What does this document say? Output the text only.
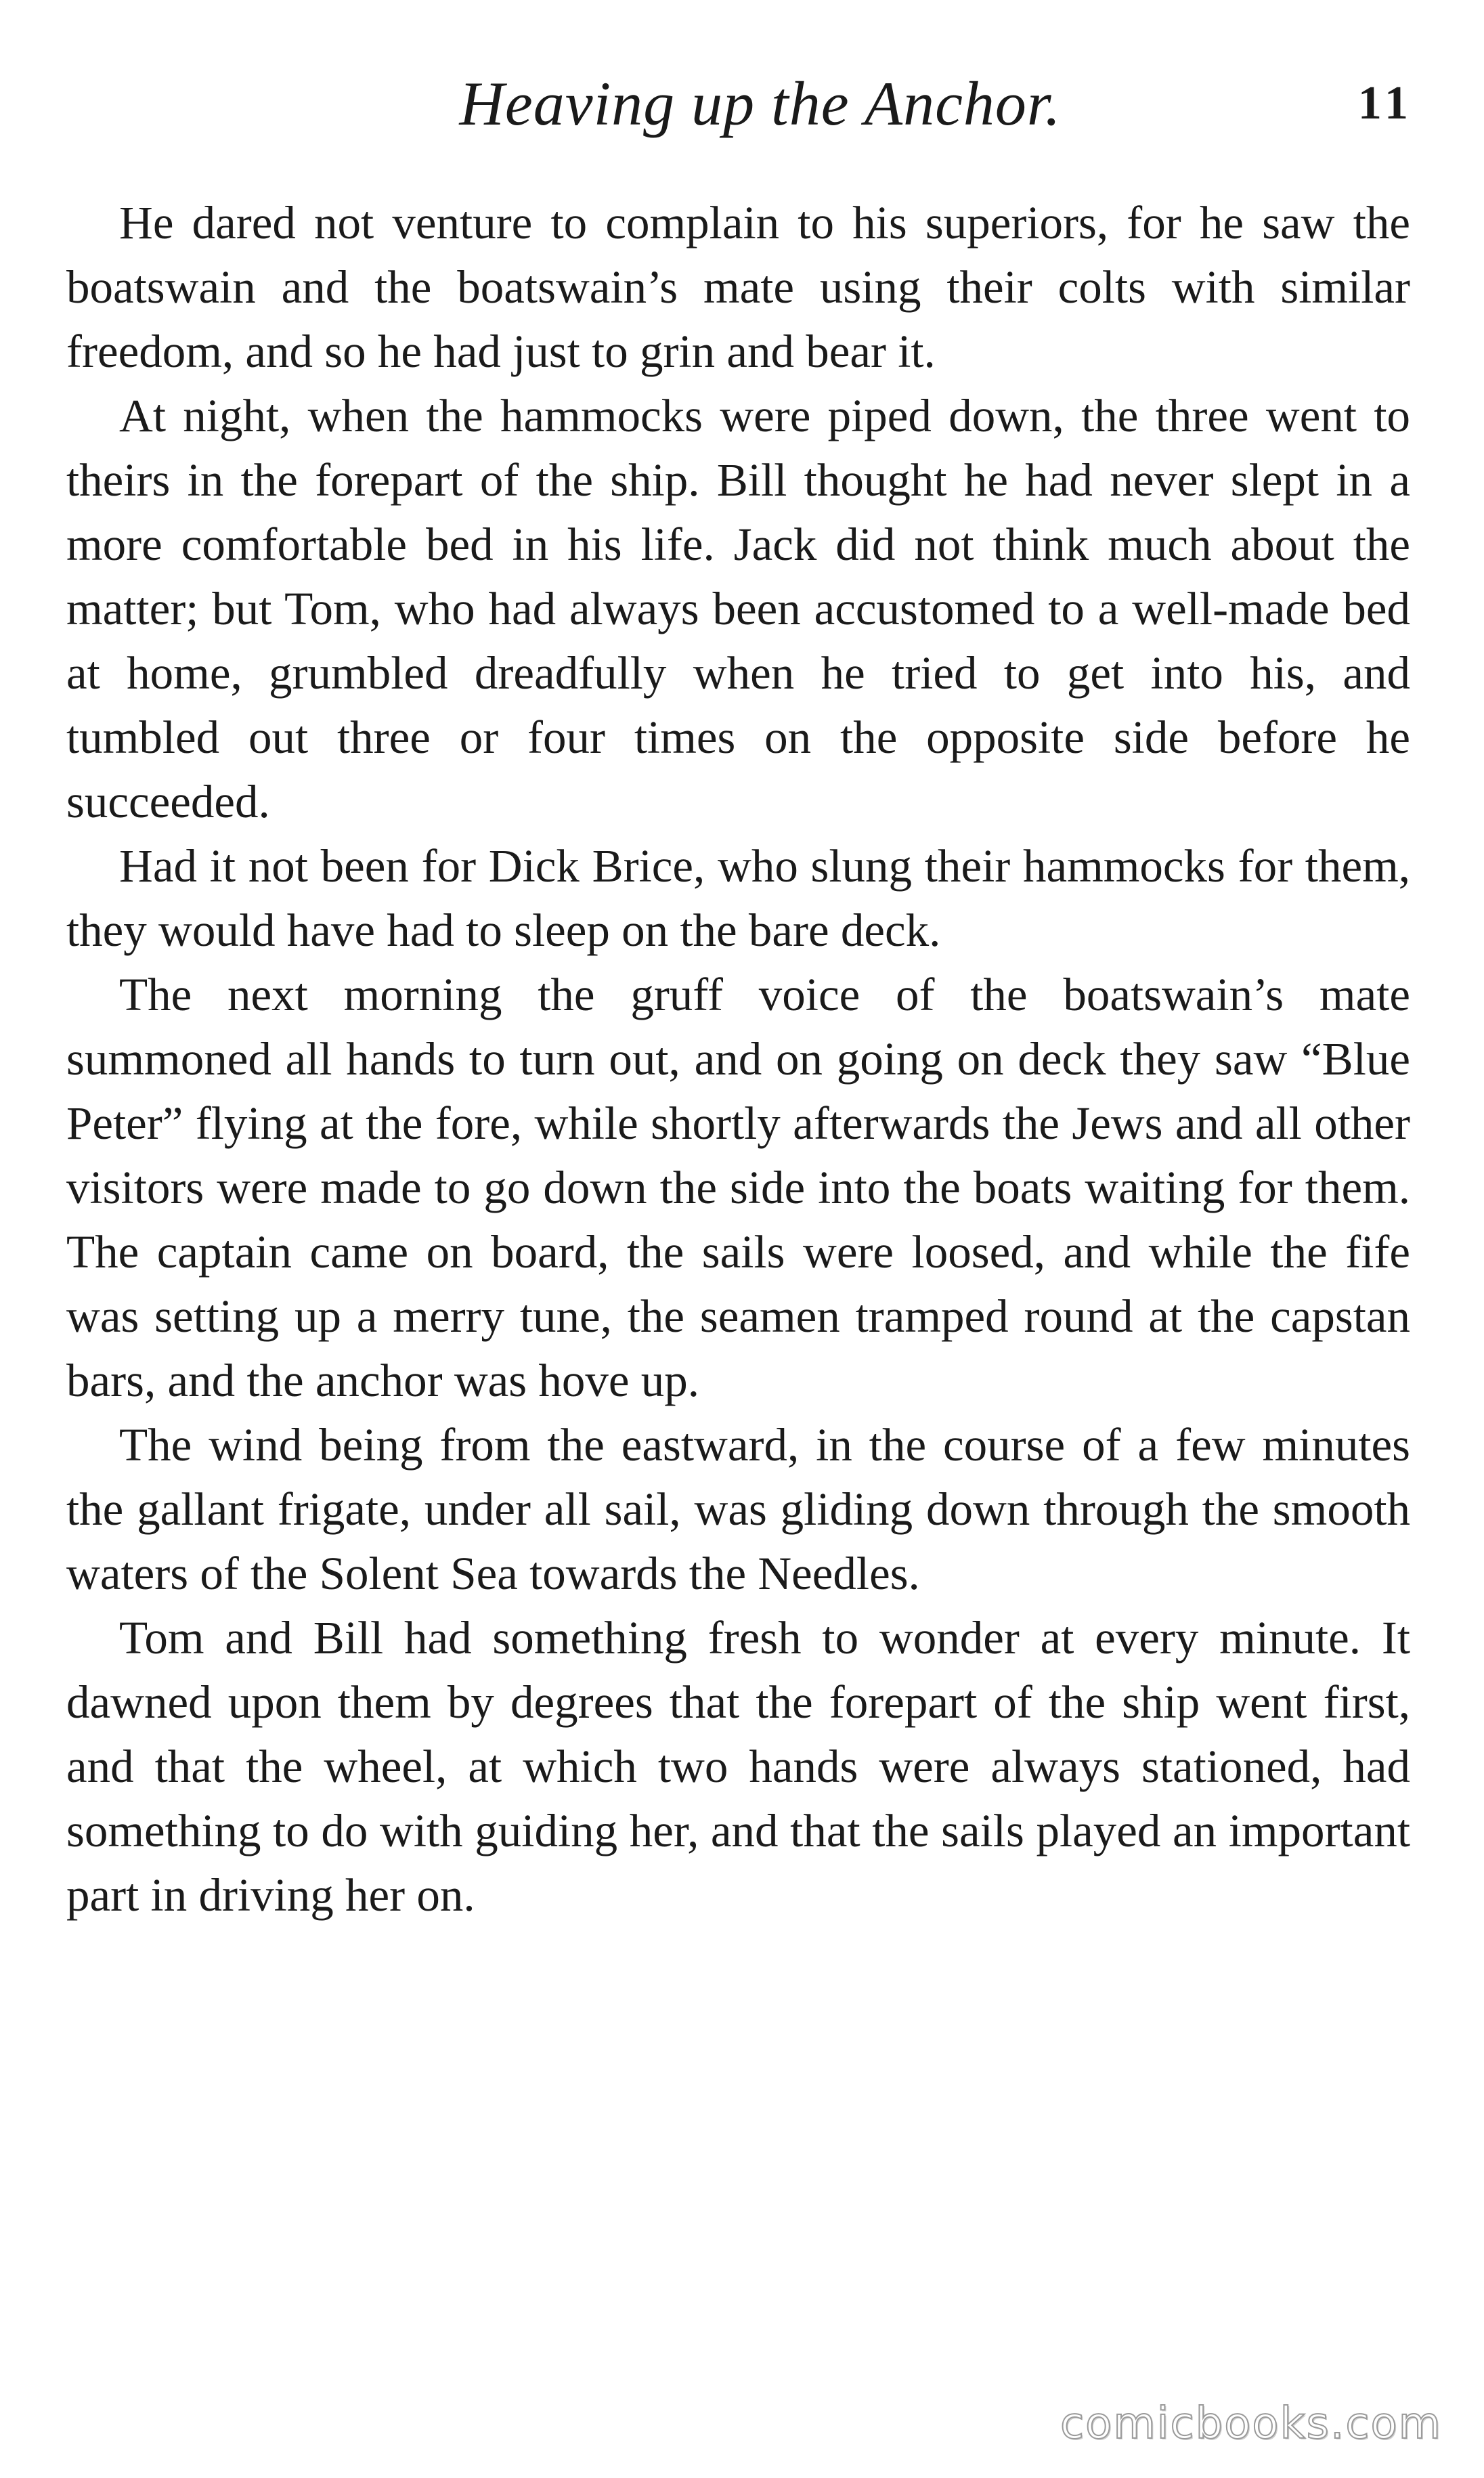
Heaving up the Anchor.	11

He dared not venture to complain to his superiors, for he saw the boatswain and the boatswain’s mate using their colts with similar freedom, and so he had just to grin and bear it.

At night, when the hammocks were piped down, the three went to theirs in the forepart of the ship. Bill thought he had never slept in a more comfortable bed in his life. Jack did not think much about the matter; but Tom, who had always been accustomed to a well-made bed at home, grumbled dreadfully when he tried to get into his, and tumbled out three or four times on the opposite side before he succeeded.

Had it not been for Dick Brice, who slung their hammocks for them, they would have had to sleep on the bare deck.

The next morning the gruff voice of the boatswain’s mate summoned all hands to turn out, and on going on deck they saw “Blue Peter” flying at the fore, while shortly afterwards the Jews and all other visitors were made to go down the side into the boats waiting for them. The captain came on board, the sails were loosed, and while the fife was setting up a merry tune, the seamen tramped round at the capstan bars, and the anchor was hove up.

The wind being from the eastward, in the course of a few minutes the gallant frigate, under all sail, was gliding down through the smooth waters of the Solent Sea towards the Needles.

Tom and Bill had something fresh to wonder at every minute. It dawned upon them by degrees that the forepart of the ship went first, and that the wheel, at which two hands were always stationed, had something to do with guiding her, and that the sails played an important part in driving her on.

comicbooks.com
